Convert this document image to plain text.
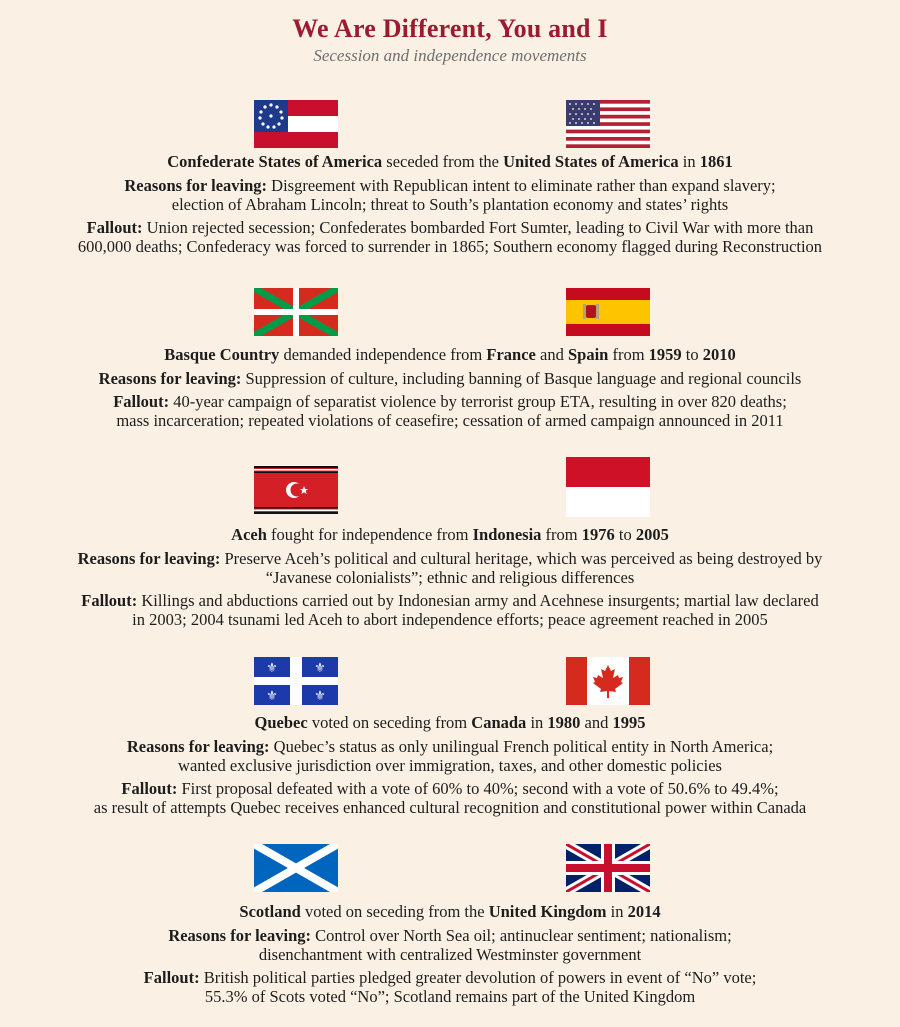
We Are Different, You and I
Secession and independence movements

Confederate States of America seceded from the United States of America in 1861

Reasons for leaving: Disgreement with Republican intent to eliminate rather than expand slavery;
election of Abraham Lincoln; threat to South’s plantation economy and states’ rights

Fallout: Union rejected secession; Confederates bombarded Fort Sumter, leading to Civil War with more than
600,000 deaths; Confederacy was forced to surrender in 1865; Southern economy flagged during Reconstruction

Basque Country demanded independence from France and Spain from 1959 to 2010

Reasons for leaving: Suppression of culture, including banning of Basque language and regional councils

Fallout: 40-year campaign of separatist violence by terrorist group ETA, resulting in over 820 deaths;
mass incarceration; repeated violations of ceasefire; cessation of armed campaign announced in 2011

Aceh fought for independence from Indonesia from 1976 to 2005

Reasons for leaving: Preserve Aceh’s political and cultural heritage, which was perceived as being destroyed by
“Javanese colonialists”; ethnic and religious differences

Fallout: Killings and abductions carried out by Indonesian army and Acehnese insurgents; martial law declared
in 2003; 2004 tsunami led Aceh to abort independence efforts; peace agreement reached in 2005

⚜	⚜
⚜	⚜

Quebec voted on seceding from Canada in 1980 and 1995

Reasons for leaving: Quebec’s status as only unilingual French political entity in North America;
wanted exclusive jurisdiction over immigration, taxes, and other domestic policies

Fallout: First proposal defeated with a vote of 60% to 40%; second with a vote of 50.6% to 49.4%;
as result of attempts Quebec receives enhanced cultural recognition and constitutional power within Canada

Scotland voted on seceding from the United Kingdom in 2014

Reasons for leaving: Control over North Sea oil; antinuclear sentiment; nationalism;
disenchantment with centralized Westminster government

Fallout: British political parties pledged greater devolution of powers in event of “No” vote;
55.3% of Scots voted “No”; Scotland remains part of the United Kingdom
